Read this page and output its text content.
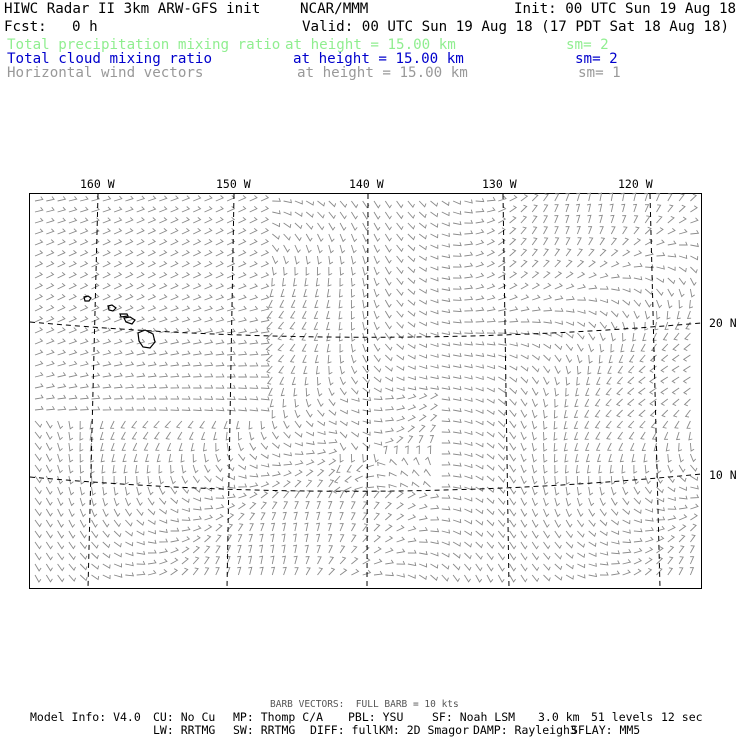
HIWC Radar II 3km ARW-GFS init	NCAR/MMM	Init: 00 UTC Sun 19 Aug 18
Fcst: 0 h	Valid: 00 UTC Sun 19 Aug 18 (17 PDT Sat 18 Aug 18)
Total precipitation mixing ratio at height = 15.00 km	sm= 2
Total cloud mixing ratio	at height = 15.00 km	sm= 2
Horizontal wind vectors	at height = 15.00 km	sm= 1
160 W	150 W	140 W	130 W	120 W
20 N
10 N
BARB VECTORS:  FULL BARB = 10 kts
Model Info: V4.0 CU: No Cu MP: Thomp C/A PBL: YSU SF: Noah LSM 3.0 km 51 levels 12 sec
LW: RRTMG SW: RRTMG DIFF: full KM: 2D Smagor DAMP: Rayleigh3
SFLAY: MM5
